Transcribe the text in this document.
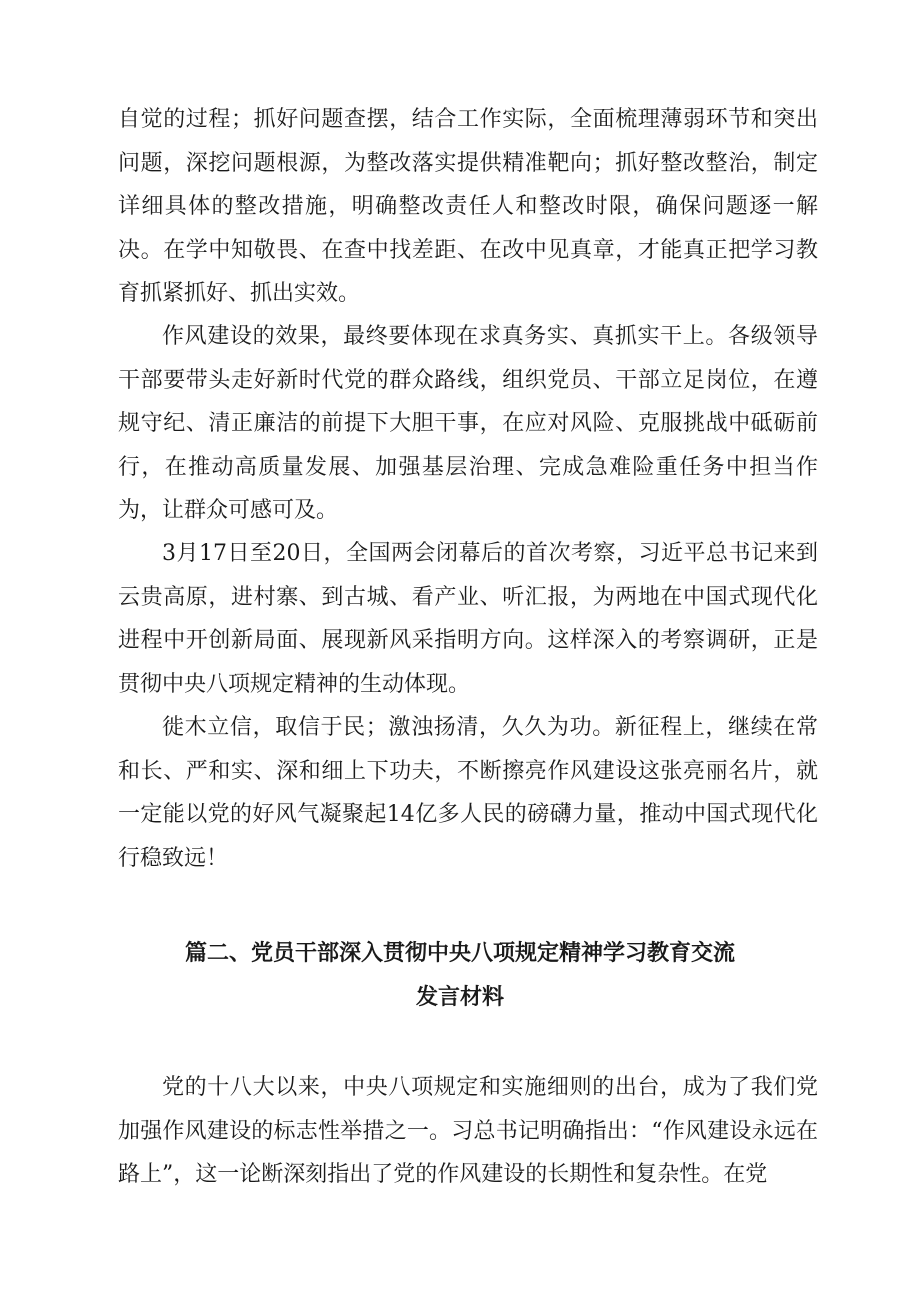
自觉的过程；抓好问题查摆，结合工作实际，全面梳理薄弱环节和突出问题，深挖问题根源，为整改落实提供精准靶向；抓好整改整治，制定详细具体的整改措施，明确整改责任人和整改时限，确保问题逐一解决。在学中知敬畏、在查中找差距、在改中见真章，才能真正把学习教育抓紧抓好、抓出实效。

作风建设的效果，最终要体现在求真务实、真抓实干上。各级领导干部要带头走好新时代党的群众路线，组织党员、干部立足岗位，在遵规守纪、清正廉洁的前提下大胆干事，在应对风险、克服挑战中砥砺前行，在推动高质量发展、加强基层治理、完成急难险重任务中担当作为，让群众可感可及。

3月17日至20日，全国两会闭幕后的首次考察，习近平总书记来到云贵高原，进村寨、到古城、看产业、听汇报，为两地在中国式现代化进程中开创新局面、展现新风采指明方向。这样深入的考察调研，正是贯彻中央八项规定精神的生动体现。

徙木立信，取信于民；激浊扬清，久久为功。新征程上，继续在常和长、严和实、深和细上下功夫，不断擦亮作风建设这张亮丽名片，就一定能以党的好风气凝聚起14亿多人民的磅礴力量，推动中国式现代化行稳致远！

篇二、党员干部深入贯彻中央八项规定精神学习教育交流
发言材料

党的十八大以来，中央八项规定和实施细则的出台，成为了我们党加强作风建设的标志性举措之一。习总书记明确指出：“作风建设永远在路上”，这一论断深刻指出了党的作风建设的长期性和复杂性。在党
